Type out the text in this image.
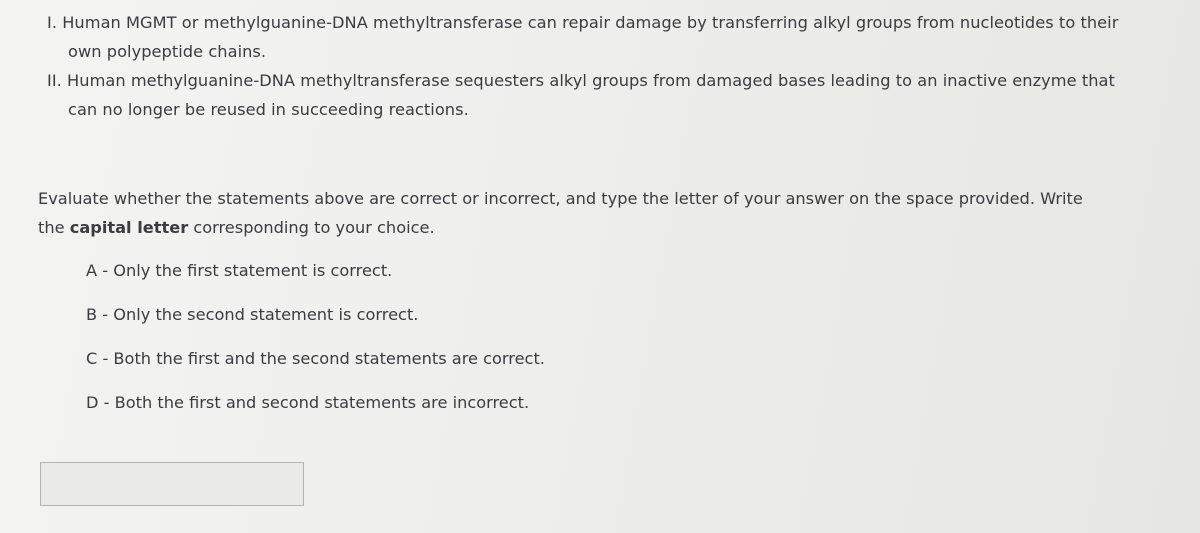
I. Human MGMT or methylguanine-DNA methyltransferase can repair damage by transferring alkyl groups from nucleotides to their
own polypeptide chains.
II. Human methylguanine-DNA methyltransferase sequesters alkyl groups from damaged bases leading to an inactive enzyme that
can no longer be reused in succeeding reactions.
Evaluate whether the statements above are correct or incorrect, and type the letter of your answer on the space provided. Write
the capital letter corresponding to your choice.
A - Only the first statement is correct.
B - Only the second statement is correct.
C - Both the first and the second statements are correct.
D - Both the first and second statements are incorrect.
